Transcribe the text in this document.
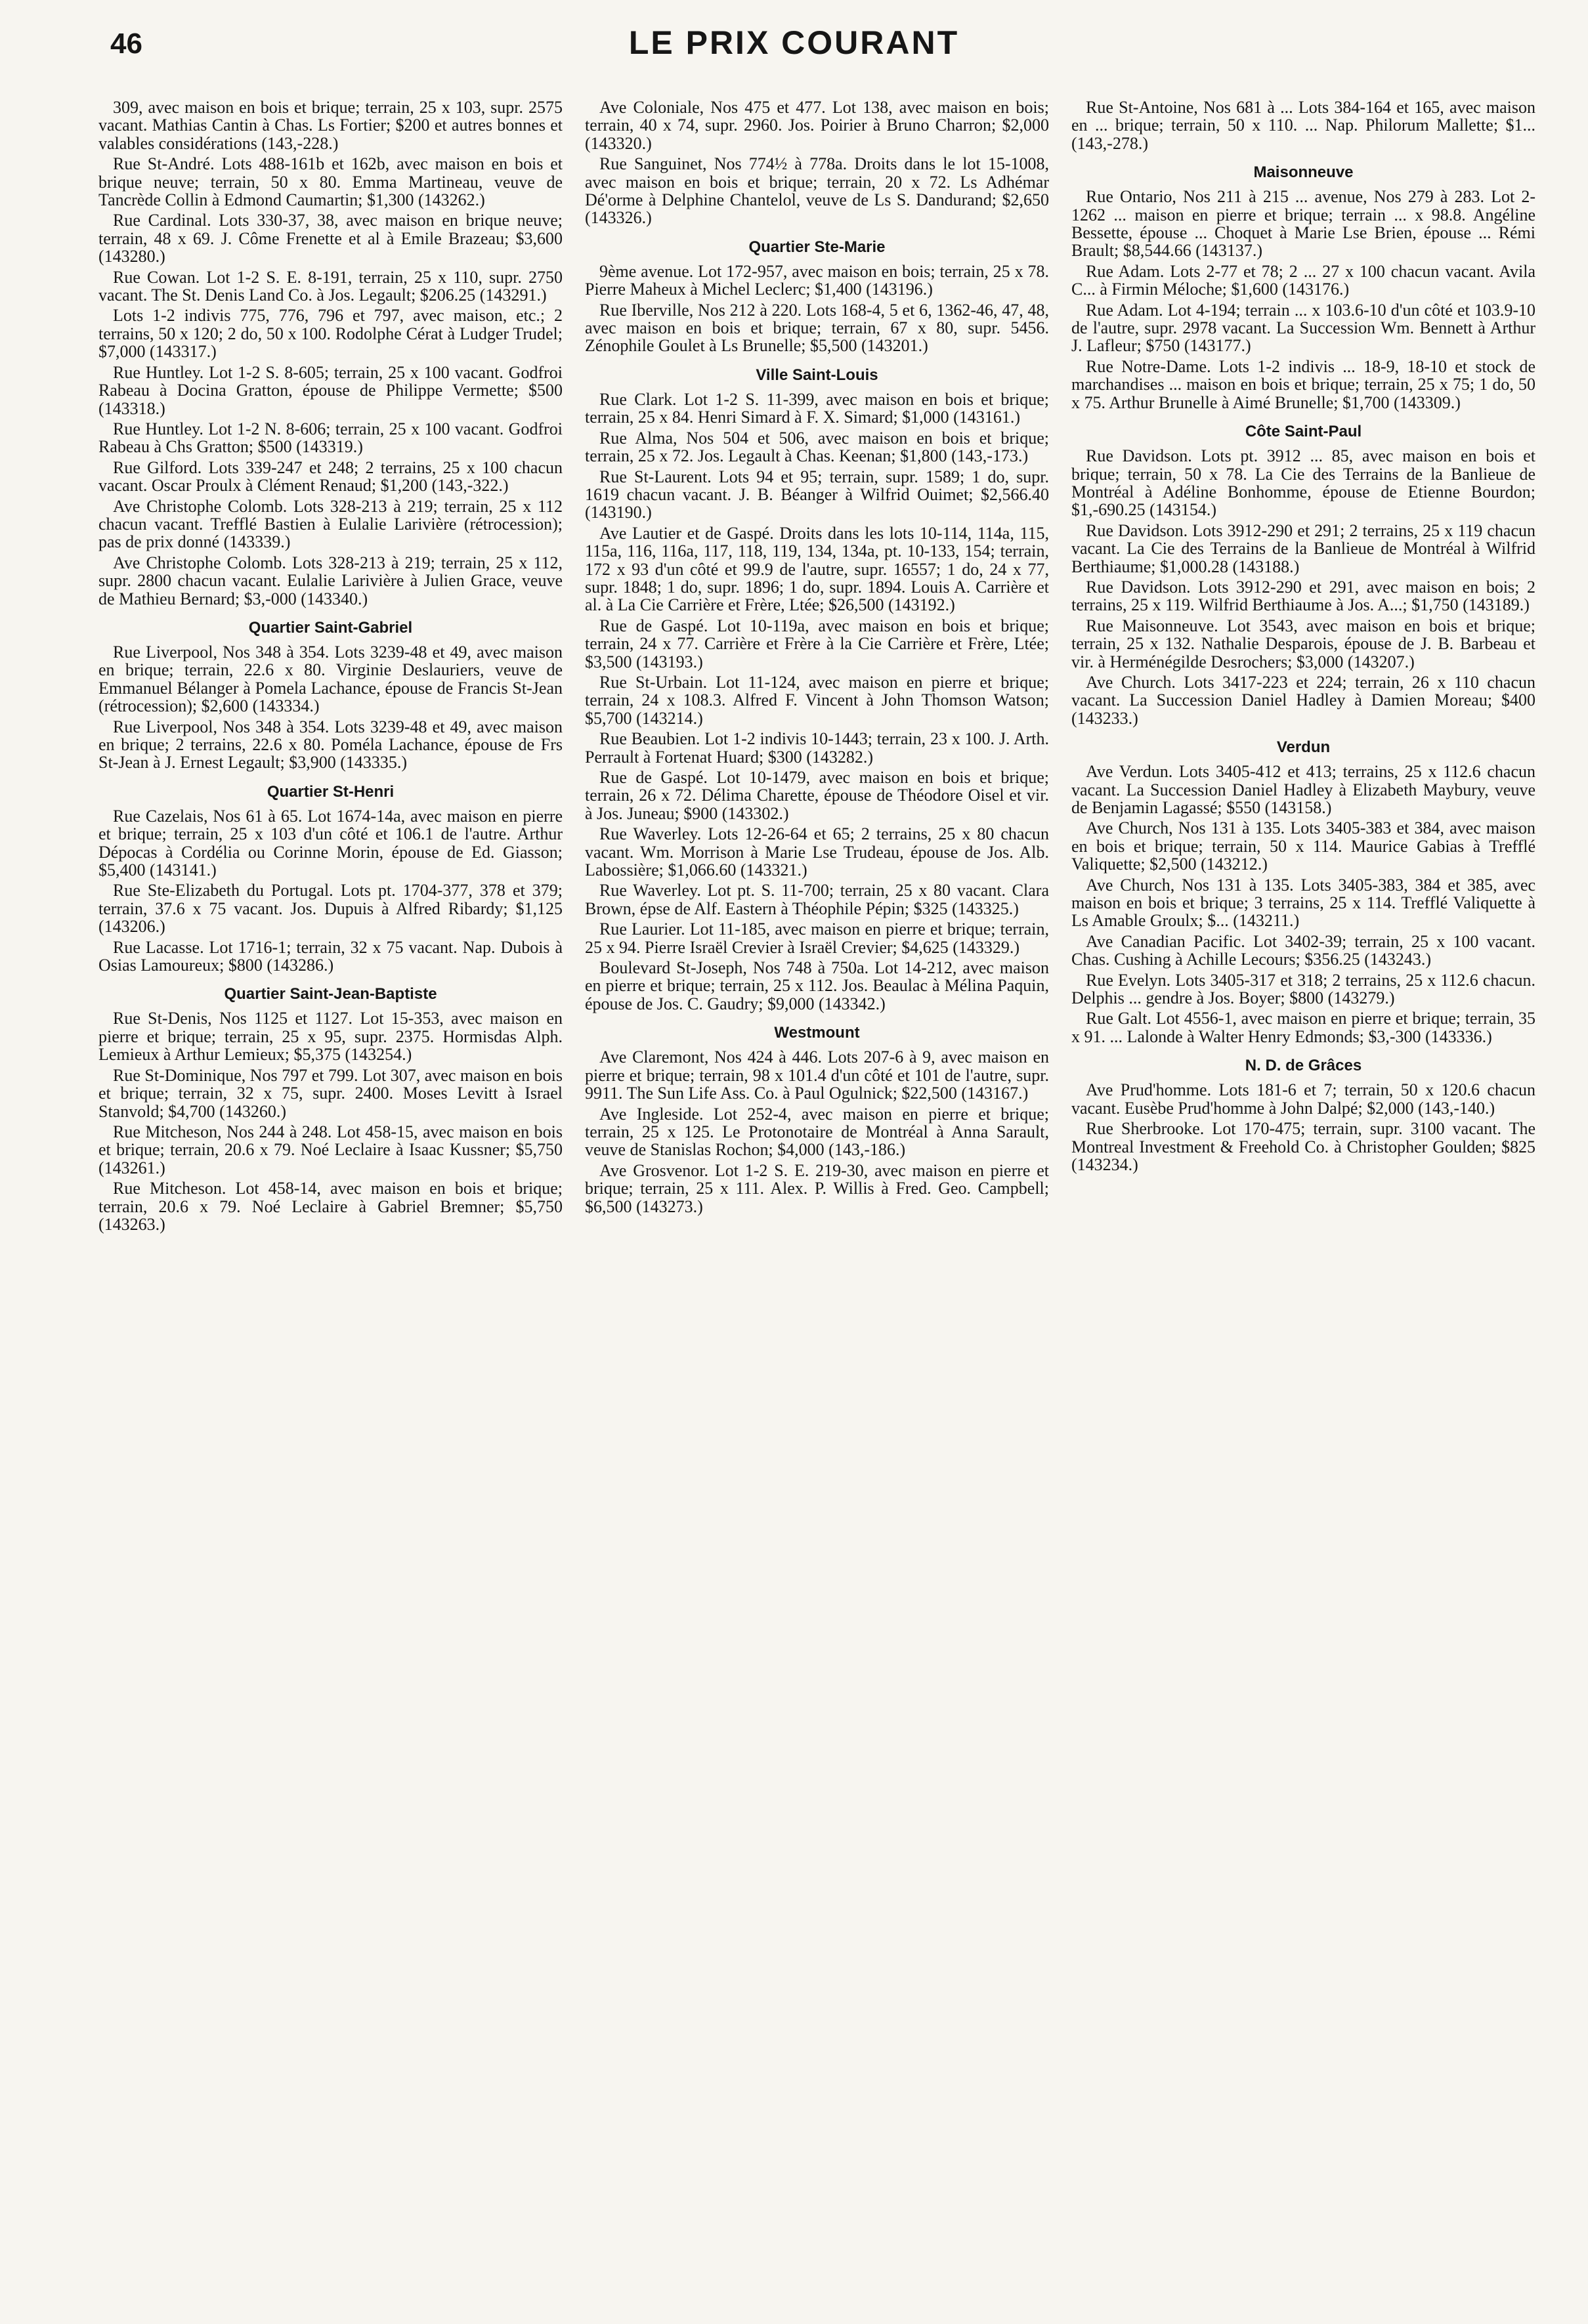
46	LE PRIX COURANT

309, avec maison en bois et brique; terrain, 25 x 103, supr. 2575 vacant. Mathias Cantin à Chas. Ls Fortier; $200 et autres bonnes et valables considérations (143,-228.)

Rue St-André. Lots 488-161b et 162b, avec maison en bois et brique neuve; terrain, 50 x 80. Emma Martineau, veuve de Tancrède Collin à Edmond Caumartin; $1,300 (143262.)

Rue Cardinal. Lots 330-37, 38, avec maison en brique neuve; terrain, 48 x 69. J. Côme Frenette et al à Emile Brazeau; $3,600 (143280.)

Rue Cowan. Lot 1-2 S. E. 8-191, terrain, 25 x 110, supr. 2750 vacant. The St. Denis Land Co. à Jos. Legault; $206.25 (143291.)

Lots 1-2 indivis 775, 776, 796 et 797, avec maison, etc.; 2 terrains, 50 x 120; 2 do, 50 x 100. Rodolphe Cérat à Ludger Trudel; $7,000 (143317.)

Rue Huntley. Lot 1-2 S. 8-605; terrain, 25 x 100 vacant. Godfroi Rabeau à Docina Gratton, épouse de Philippe Vermette; $500 (143318.)

Rue Huntley. Lot 1-2 N. 8-606; terrain, 25 x 100 vacant. Godfroi Rabeau à Chs Gratton; $500 (143319.)

Rue Gilford. Lots 339-247 et 248; 2 terrains, 25 x 100 chacun vacant. Oscar Proulx à Clément Renaud; $1,200 (143,-322.)

Ave Christophe Colomb. Lots 328-213 à 219; terrain, 25 x 112 chacun vacant. Trefflé Bastien à Eulalie Larivière (rétrocession); pas de prix donné (143339.)

Ave Christophe Colomb. Lots 328-213 à 219; terrain, 25 x 112, supr. 2800 chacun vacant. Eulalie Larivière à Julien Grace, veuve de Mathieu Bernard; $3,-000 (143340.)

Quartier Saint-Gabriel

Rue Liverpool, Nos 348 à 354. Lots 3239-48 et 49, avec maison en brique; terrain, 22.6 x 80. Virginie Deslauriers, veuve de Emmanuel Bélanger à Pomela Lachance, épouse de Francis St-Jean (rétrocession); $2,600 (143334.)

Rue Liverpool, Nos 348 à 354. Lots 3239-48 et 49, avec maison en brique; 2 terrains, 22.6 x 80. Poméla Lachance, épouse de Frs St-Jean à J. Ernest Legault; $3,900 (143335.)

Quartier St-Henri

Rue Cazelais, Nos 61 à 65. Lot 1674-14a, avec maison en pierre et brique; terrain, 25 x 103 d'un côté et 106.1 de l'autre. Arthur Dépocas à Cordélia ou Corinne Morin, épouse de Ed. Giasson; $5,400 (143141.)

Rue Ste-Elizabeth du Portugal. Lots pt. 1704-377, 378 et 379; terrain, 37.6 x 75 vacant. Jos. Dupuis à Alfred Ribardy; $1,125 (143206.)

Rue Lacasse. Lot 1716-1; terrain, 32 x 75 vacant. Nap. Dubois à Osias Lamoureux; $800 (143286.)

Quartier Saint-Jean-Baptiste

Rue St-Denis, Nos 1125 et 1127. Lot 15-353, avec maison en pierre et brique; terrain, 25 x 95, supr. 2375. Hormisdas Alph. Lemieux à Arthur Lemieux; $5,375 (143254.)

Rue St-Dominique, Nos 797 et 799. Lot 307, avec maison en bois et brique; terrain, 32 x 75, supr. 2400. Moses Levitt à Israel Stanvold; $4,700 (143260.)

Rue Mitcheson, Nos 244 à 248. Lot 458-15, avec maison en bois et brique; terrain, 20.6 x 79. Noé Leclaire à Isaac Kussner; $5,750 (143261.)

Rue Mitcheson. Lot 458-14, avec maison en bois et brique; terrain, 20.6 x 79. Noé Leclaire à Gabriel Bremner; $5,750 (143263.)

Ave Coloniale, Nos 475 et 477. Lot 138, avec maison en bois; terrain, 40 x 74, supr. 2960. Jos. Poirier à Bruno Charron; $2,000 (143320.)

Rue Sanguinet, Nos 774½ à 778a. Droits dans le lot 15-1008, avec maison en bois et brique; terrain, 20 x 72. Ls Adhémar Dé'orme à Delphine Chantelol, veuve de Ls S. Dandurand; $2,650 (143326.)

Quartier Ste-Marie

9ème avenue. Lot 172-957, avec maison en bois; terrain, 25 x 78. Pierre Maheux à Michel Leclerc; $1,400 (143196.)

Rue Iberville, Nos 212 à 220. Lots 168-4, 5 et 6, 1362-46, 47, 48, avec maison en bois et brique; terrain, 67 x 80, supr. 5456. Zénophile Goulet à Ls Brunelle; $5,500 (143201.)

Ville Saint-Louis

Rue Clark. Lot 1-2 S. 11-399, avec maison en bois et brique; terrain, 25 x 84. Henri Simard à F. X. Simard; $1,000 (143161.)

Rue Alma, Nos 504 et 506, avec maison en bois et brique; terrain, 25 x 72. Jos. Legault à Chas. Keenan; $1,800 (143,-173.)

Rue St-Laurent. Lots 94 et 95; terrain, supr. 1589; 1 do, supr. 1619 chacun vacant. J. B. Béanger à Wilfrid Ouimet; $2,566.40 (143190.)

Ave Lautier et de Gaspé. Droits dans les lots 10-114, 114a, 115, 115a, 116, 116a, 117, 118, 119, 134, 134a, pt. 10-133, 154; terrain, 172 x 93 d'un côté et 99.9 de l'autre, supr. 16557; 1 do, 24 x 77, supr. 1848; 1 do, supr. 1896; 1 do, supr. 1894. Louis A. Carrière et al. à La Cie Carrière et Frère, Ltée; $26,500 (143192.)

Rue de Gaspé. Lot 10-119a, avec maison en bois et brique; terrain, 24 x 77. Carrière et Frère à la Cie Carrière et Frère, Ltée; $3,500 (143193.)

Rue St-Urbain. Lot 11-124, avec maison en pierre et brique; terrain, 24 x 108.3. Alfred F. Vincent à John Thomson Watson; $5,700 (143214.)

Rue Beaubien. Lot 1-2 indivis 10-1443; terrain, 23 x 100. J. Arth. Perrault à Fortenat Huard; $300 (143282.)

Rue de Gaspé. Lot 10-1479, avec maison en bois et brique; terrain, 26 x 72. Délima Charette, épouse de Théodore Oisel et vir. à Jos. Juneau; $900 (143302.)

Rue Waverley. Lots 12-26-64 et 65; 2 terrains, 25 x 80 chacun vacant. Wm. Morrison à Marie Lse Trudeau, épouse de Jos. Alb. Labossière; $1,066.60 (143321.)

Rue Waverley. Lot pt. S. 11-700; terrain, 25 x 80 vacant. Clara Brown, épse de Alf. Eastern à Théophile Pépin; $325 (143325.)

Rue Laurier. Lot 11-185, avec maison en pierre et brique; terrain, 25 x 94. Pierre Israël Crevier à Israël Crevier; $4,625 (143329.)

Boulevard St-Joseph, Nos 748 à 750a. Lot 14-212, avec maison en pierre et brique; terrain, 25 x 112. Jos. Beaulac à Mélina Paquin, épouse de Jos. C. Gaudry; $9,000 (143342.)

Westmount

Ave Claremont, Nos 424 à 446. Lots 207-6 à 9, avec maison en pierre et brique; terrain, 98 x 101.4 d'un côté et 101 de l'autre, supr. 9911. The Sun Life Ass. Co. à Paul Ogulnick; $22,500 (143167.)

Ave Ingleside. Lot 252-4, avec maison en pierre et brique; terrain, 25 x 125. Le Protonotaire de Montréal à Anna Sarault, veuve de Stanislas Rochon; $4,000 (143,-186.)

Ave Grosvenor. Lot 1-2 S. E. 219-30, avec maison en pierre et brique; terrain, 25 x 111. Alex. P. Willis à Fred. Geo. Campbell; $6,500 (143273.)

Rue St-Antoine, Nos 681 à ... Lots 384-164 et 165, avec maison en ... brique; terrain, 50 x 110. ... Nap. Philorum Mallette; $1... (143,-278.)

Maisonneuve

Rue Ontario, Nos 211 à 215 ... avenue, Nos 279 à 283. Lot 2-1262 ... maison en pierre et brique; terrain ... x 98.8. Angéline Bessette, épouse ... Choquet à Marie Lse Brien, épouse ... Rémi Brault; $8,544.66 (143137.)

Rue Adam. Lots 2-77 et 78; 2 ... 27 x 100 chacun vacant. Avila C... à Firmin Méloche; $1,600 (143176.)

Rue Adam. Lot 4-194; terrain ... x 103.6-10 d'un côté et 103.9-10 de l'autre, supr. 2978 vacant. La Succession Wm. Bennett à Arthur J. Lafleur; $750 (143177.)

Rue Notre-Dame. Lots 1-2 indivis ... 18-9, 18-10 et stock de marchandises ... maison en bois et brique; terrain, 25 x 75; 1 do, 50 x 75. Arthur Brunelle à Aimé Brunelle; $1,700 (143309.)

Côte Saint-Paul

Rue Davidson. Lots pt. 3912 ... 85, avec maison en bois et brique; terrain, 50 x 78. La Cie des Terrains de la Banlieue de Montréal à Adéline Bonhomme, épouse de Etienne Bourdon; $1,-690.25 (143154.)

Rue Davidson. Lots 3912-290 et 291; 2 terrains, 25 x 119 chacun vacant. La Cie des Terrains de la Banlieue de Montréal à Wilfrid Berthiaume; $1,000.28 (143188.)

Rue Davidson. Lots 3912-290 et 291, avec maison en bois; 2 terrains, 25 x 119. Wilfrid Berthiaume à Jos. A...; $1,750 (143189.)

Rue Maisonneuve. Lot 3543, avec maison en bois et brique; terrain, 25 x 132. Nathalie Desparois, épouse de J. B. Barbeau et vir. à Herménégilde Desrochers; $3,000 (143207.)

Ave Church. Lots 3417-223 et 224; terrain, 26 x 110 chacun vacant. La Succession Daniel Hadley à Damien Moreau; $400 (143233.)

Verdun

Ave Verdun. Lots 3405-412 et 413; terrains, 25 x 112.6 chacun vacant. La Succession Daniel Hadley à Elizabeth Maybury, veuve de Benjamin Lagassé; $550 (143158.)

Ave Church, Nos 131 à 135. Lots 3405-383 et 384, avec maison en bois et brique; terrain, 50 x 114. Maurice Gabias à Trefflé Valiquette; $2,500 (143212.)

Ave Church, Nos 131 à 135. Lots 3405-383, 384 et 385, avec maison en bois et brique; 3 terrains, 25 x 114. Trefflé Valiquette à Ls Amable Groulx; $... (143211.)

Ave Canadian Pacific. Lot 3402-39; terrain, 25 x 100 vacant. Chas. Cushing à Achille Lecours; $356.25 (143243.)

Rue Evelyn. Lots 3405-317 et 318; 2 terrains, 25 x 112.6 chacun. Delphis ... gendre à Jos. Boyer; $800 (143279.)

Rue Galt. Lot 4556-1, avec maison en pierre et brique; terrain, 35 x 91. ... Lalonde à Walter Henry Edmonds; $3,-300 (143336.)

N. D. de Grâces

Ave Prud'homme. Lots 181-6 et 7; terrain, 50 x 120.6 chacun vacant. Eusèbe Prud'homme à John Dalpé; $2,000 (143,-140.)

Rue Sherbrooke. Lot 170-475; terrain, supr. 3100 vacant. The Montreal Investment & Freehold Co. à Christopher Goulden; $825 (143234.)
